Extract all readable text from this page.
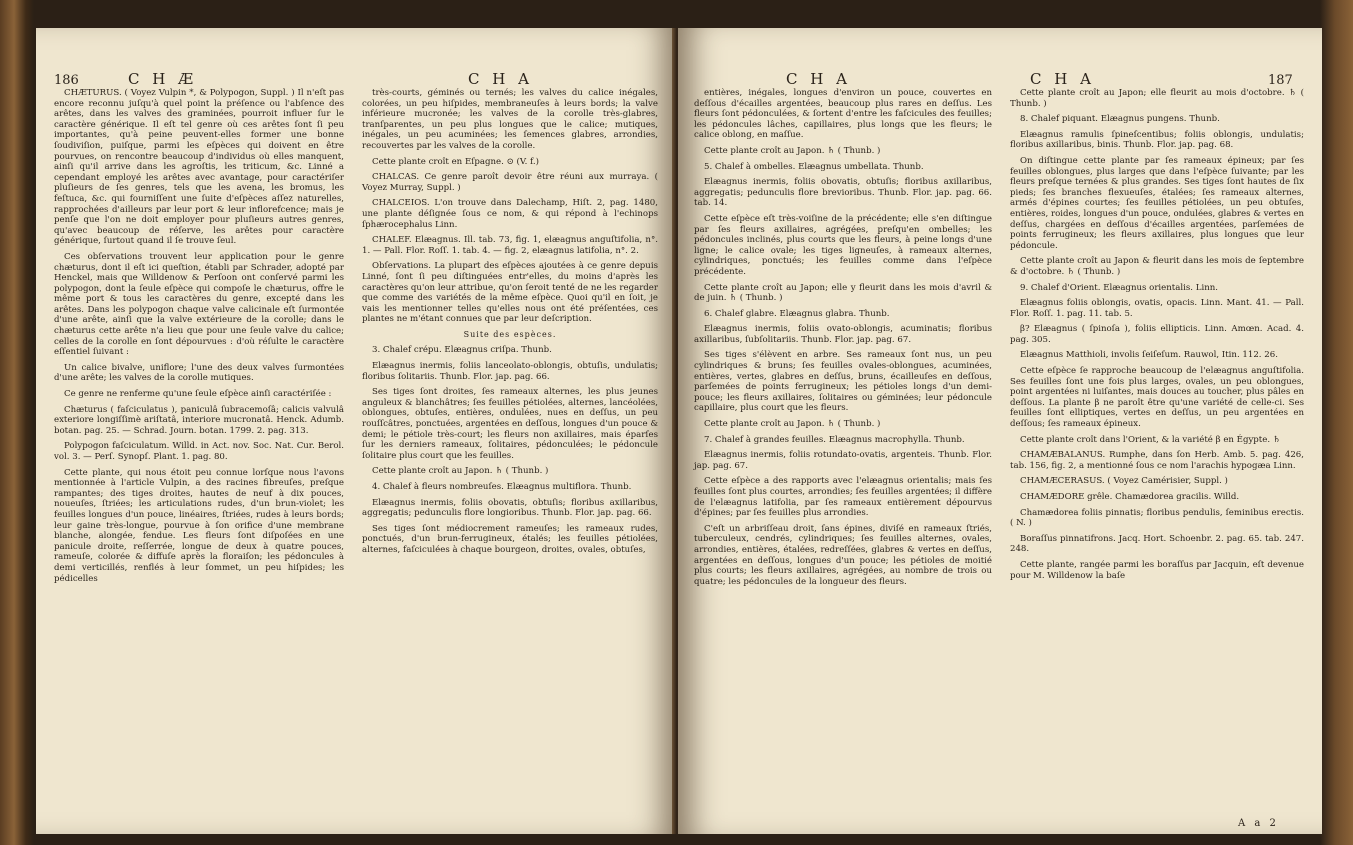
186	C H Æ	C H A

CHÆTURUS. ( Voyez Vulpin *, & Polypogon, Suppl. ) Il n'eſt pas encore reconnu juſqu'à quel point la préſence ou l'abſence des arêtes, dans les valves des graminées, pourroit influer ſur le caractère générique. Il eſt tel genre où ces arêtes ſont ſi peu importantes, qu'à peine peuvent-elles former une bonne ſoudiviſion, puiſque, parmi les eſpèces qui doivent en être pourvues, on rencontre beaucoup d'individus où elles manquent, ainſi qu'il arrive dans les agroſtis, les triticum, &c. Linné a cependant employé les arêtes avec avantage, pour caractériſer pluſieurs de ſes genres, tels que les avena, les bromus, les feſtuca, &c. qui fourniſſent une ſuite d'eſpèces aſſez naturelles, rapprochées d'ailleurs par leur port & leur inflorefcence; mais je penſe que l'on ne doit employer pour pluſieurs autres genres, qu'avec beaucoup de réſerve, les arêtes pour caractère générique, ſurtout quand il ſe trouve ſeul.

Ces obſervations trouvent leur application pour le genre chæturus, dont il eſt ici queſtion, établi par Schrader, adopté par Henckel, mais que Willdenow & Perſoon ont conſervé parmi les polypogon, dont la ſeule eſpèce qui compoſe le chæturus, offre le même port & tous les caractères du genre, excepté dans les arêtes. Dans les polypogon chaque valve calicinale eſt ſurmontée d'une arête, ainſi que la valve extérieure de la corolle; dans le chæturus cette arête n'a lieu que pour une ſeule valve du calice; celles de la corolle en ſont dépourvues : d'où réſulte le caractère eſſentiel ſuivant :

Un calice bivalve, uniflore; l'une des deux valves ſurmontées d'une arête; les valves de la corolle mutiques.

Ce genre ne renferme qu'une ſeule eſpèce ainſi caractériſée :

Chæturus ( faſciculatus ), paniculâ ſubracemoſâ; calicis valvulâ exteriore longiſſimè ariſtatâ, interiore mucronatâ. Henck. Adumb. botan. pag. 25. — Schrad. Journ. botan. 1799. 2. pag. 313.

Polypogon faſciculatum. Willd. in Act. nov. Soc. Nat. Cur. Berol. vol. 3. — Perſ. Synopſ. Plant. 1. pag. 80.

Cette plante, qui nous étoit peu connue lorſque nous l'avons mentionnée à l'article Vulpin, a des racines fibreuſes, preſque rampantes; des tiges droites, hautes de neuf à dix pouces, noueuſes, ſtriées; les articulations rudes, d'un brun-violet; les feuilles longues d'un pouce, linéaires, ſtriées, rudes à leurs bords; leur gaine très-longue, pourvue à ſon orifice d'une membrane blanche, alongée, fendue. Les fleurs ſont diſpoſées en une panicule droite, reſſerrée, longue de deux à quatre pouces, rameuſe, colorée & diffuſe après la floraiſon; les pédoncules à demi verticillés, renflés à leur ſommet, un peu hiſpides; les pédicelles

très-courts, géminés ou ternés; les valves du calice inégales, colorées, un peu hiſpides, membraneuſes à leurs bords; la valve inférieure mucronée; les valves de la corolle très-glabres, tranſparentes, un peu plus longues que le calice; mutiques, inégales, un peu acuminées; les ſemences glabres, arrondies, recouvertes par les valves de la corolle.

Cette plante croît en Eſpagne. ⊙ (V. f.)

CHALCAS. Ce genre paroît devoir être réuni aux murraya. ( Voyez Murray, Suppl. )

CHALCEIOS. L'on trouve dans Dalechamp, Hiſt. 2, pag. 1480, une plante déſignée ſous ce nom, & qui répond à l'echinops ſphærocephalus Linn.

CHALEF. Elæagnus. Ill. tab. 73, fig. 1, elæagnus anguſtifolia, n°. 1. — Pall. Flor. Roſſ. 1. tab. 4. — fig. 2, elæagnus latifolia, n°. 2.

Obſervations. La plupart des eſpèces ajoutées à ce genre depuis Linné, ſont ſi peu diſtinguées entr'elles, du moins d'après les caractères qu'on leur attribue, qu'on ſeroit tenté de ne les regarder que comme des variétés de la même eſpèce. Quoi qu'il en ſoit, je vais les mentionner telles qu'elles nous ont été préſentées, ces plantes ne m'étant connues que par leur deſcription.

Suite des espèces.

3. Chalef crépu. Elæagnus criſpa. Thunb.

Elæagnus inermis, foliis lanceolato-oblongis, obtuſis, undulatis; floribus ſolitariis. Thunb. Flor. jap. pag. 66.

Ses tiges ſont droites, ſes rameaux alternes, les plus jeunes anguleux & blanchâtres; ſes feuilles pétiolées, alternes, lancéolées, oblongues, obtuſes, entières, ondulées, nues en deſſus, un peu rouſſcâtres, ponctuées, argentées en deſſous, longues d'un pouce & demi; le pétiole très-court; les fleurs non axillaires, mais éparſes ſur les derniers rameaux, ſolitaires, pédonculées; le pédoncule ſolitaire plus court que les feuilles.

Cette plante croît au Japon. ♄ ( Thunb. )

4. Chalef à fleurs nombreuſes. Elæagnus multiflora. Thunb.

Elæagnus inermis, foliis obovatis, obtuſis; floribus axillaribus, aggregatis; pedunculis flore longioribus. Thunb. Flor. jap. pag. 66.

Ses tiges ſont médiocrement rameuſes; les rameaux rudes, ponctués, d'un brun-ferrugineux, étalés; les feuilles pétiolées, alternes, faſciculées à chaque bourgeon, droites, ovales, obtuſes,

C H A	C H A	187

entières, inégales, longues d'environ un pouce, couvertes en deſſous d'écailles argentées, beaucoup plus rares en deſſus. Les fleurs ſont pédonculées, & ſortent d'entre les faſcicules des feuilles; les pédoncules lâches, capillaires, plus longs que les fleurs; le calice oblong, en maſſue.

Cette plante croît au Japon. ♄ ( Thunb. )

5. Chalef à ombelles. Elæagnus umbellata. Thunb.

Elæagnus inermis, foliis obovatis, obtuſis; floribus axillaribus, aggregatis; pedunculis flore brevioribus. Thunb. Flor. jap. pag. 66. tab. 14.

Cette eſpèce eſt très-voiſine de la précédente; elle s'en diſtingue par ſes fleurs axillaires, agrégées, preſqu'en ombelles; les pédoncules inclinés, plus courts que les fleurs, à peine longs d'une ligne; le calice ovale; les tiges ligneuſes, à rameaux alternes, cylindriques, ponctués; les feuilles comme dans l'eſpèce précédente.

Cette plante croît au Japon; elle y fleurit dans les mois d'avril & de juin. ♄ ( Thunb. )

6. Chalef glabre. Elæagnus glabra. Thunb.

Elæagnus inermis, foliis ovato-oblongis, acuminatis; floribus axillaribus, ſubſolitariis. Thunb. Flor. jap. pag. 67.

Ses tiges s'élèvent en arbre. Ses rameaux ſont nus, un peu cylindriques & bruns; ſes feuilles ovales-oblongues, acuminées, entières, vertes, glabres en deſſus, bruns, écailleuſes en deſſous, parſemées de points ferrugineux; les pétioles longs d'un demi-pouce; les fleurs axillaires, ſolitaires ou géminées; leur pédoncule capillaire, plus court que les fleurs.

Cette plante croît au Japon. ♄ ( Thunb. )

7. Chalef à grandes feuilles. Elæagnus macrophylla. Thunb.

Elæagnus inermis, foliis rotundato-ovatis, argenteis. Thunb. Flor. jap. pag. 67.

Cette eſpèce a des rapports avec l'elæagnus orientalis; mais ſes feuilles ſont plus courtes, arrondies; ſes feuilles argentées; il diffère de l'elæagnus latifolia, par ſes rameaux entièrement dépourvus d'épines; par ſes feuilles plus arrondies.

C'eſt un arbriſſeau droit, ſans épines, diviſé en rameaux ſtriés, tuberculeux, cendrés, cylindriques; ſes feuilles alternes, ovales, arrondies, entières, étalées, redreſſées, glabres & vertes en deſſus, argentées en deſſous, longues d'un pouce; les pétioles de moitié plus courts; les fleurs axillaires, agrégées, au nombre de trois ou quatre; les pédoncules de la longueur des fleurs.

Cette plante croît au Japon; elle fleurit au mois d'octobre. ♄ ( Thunb. )

8. Chalef piquant. Elæagnus pungens. Thunb.

Elæagnus ramulis ſpineſcentibus; foliis oblongis, undulatis; floribus axillaribus, binis. Thunb. Flor. jap. pag. 68.

On diſtingue cette plante par ſes rameaux épineux; par ſes feuilles oblongues, plus larges que dans l'eſpèce ſuivante; par les fleurs preſque ternées & plus grandes. Ses tiges ſont hautes de ſix pieds; ſes branches flexueuſes, étalées; ſes rameaux alternes, armés d'épines courtes; ſes feuilles pétiolées, un peu obtuſes, entières, roides, longues d'un pouce, ondulées, glabres & vertes en deſſus, chargées en deſſous d'écailles argentées, parſemées de points ferrugineux; les fleurs axillaires, plus longues que leur pédoncule.

Cette plante croît au Japon & fleurit dans les mois de ſeptembre & d'octobre. ♄ ( Thunb. )

9. Chalef d'Orient. Elæagnus orientalis. Linn.

Elæagnus foliis oblongis, ovatis, opacis. Linn. Mant. 41. — Pall. Flor. Roſſ. 1. pag. 11. tab. 5.

β? Elæagnus ( ſpinoſa ), foliis ellipticis. Linn. Amœn. Acad. 4. pag. 305.

Elæagnus Matthioli, involis ſeiſeſum. Rauwol, Itin. 112. 26.

Cette eſpèce ſe rapproche beaucoup de l'elæagnus anguſtifolia. Ses feuilles ſont une fois plus larges, ovales, un peu oblongues, point argentées ni luiſantes, mais douces au toucher, plus pâles en deſſous. La plante β ne paroît être qu'une variété de celle-ci. Ses feuilles ſont elliptiques, vertes en deſſus, un peu argentées en deſſous; ſes rameaux épineux.

Cette plante croît dans l'Orient, & la variété β en Égypte. ♄

CHAMÆBALANUS. Rumphe, dans ſon Herb. Amb. 5. pag. 426, tab. 156, fig. 2, a mentionné ſous ce nom l'arachis hypogæa Linn.

CHAMÆCERASUS. ( Voyez Camérisier, Suppl. )

CHAMÆDORE grêle. Chamædorea gracilis. Willd.

Chamædorea foliis pinnatis; floribus pendulis, ſeminibus erectis. ( N. )

Boraſſus pinnatifrons. Jacq. Hort. Schoenbr. 2. pag. 65. tab. 247. 248.

Cette plante, rangée parmi les boraſſus par Jacquin, eſt devenue pour M. Willdenow la baſe

A a 2
